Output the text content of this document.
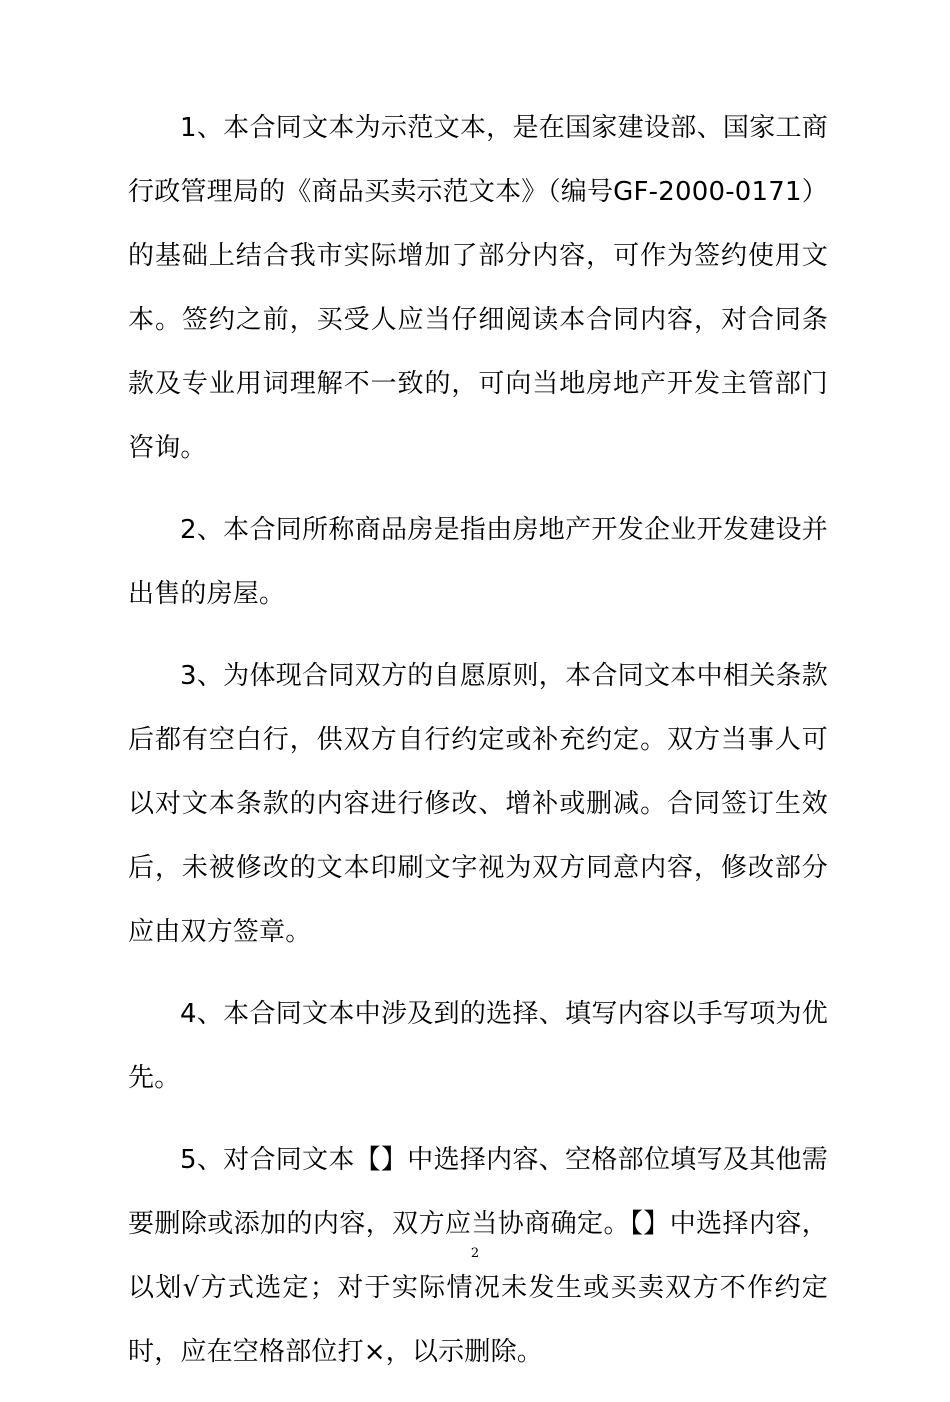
1、本合同文本为示范文本，是在国家建设部、国家工商行政管理局的《商品买卖示范文本》（编号GF-2000-0171）的基础上结合我市实际增加了部分内容，可作为签约使用文本。签约之前，买受人应当仔细阅读本合同内容，对合同条款及专业用词理解不一致的，可向当地房地产开发主管部门咨询。

2、本合同所称商品房是指由房地产开发企业开发建设并出售的房屋。

3、为体现合同双方的自愿原则，本合同文本中相关条款后都有空白行，供双方自行约定或补充约定。双方当事人可以对文本条款的内容进行修改、增补或删减。合同签订生效后，未被修改的文本印刷文字视为双方同意内容，修改部分应由双方签章。

4、本合同文本中涉及到的选择、填写内容以手写项为优先。

5、对合同文本【】中选择内容、空格部位填写及其他需要删除或添加的内容，双方应当协商确定。【】中选择内容，以划√方式选定；对于实际情况未发生或买卖双方不作约定时，应在空格部位打×，以示删除。

2
